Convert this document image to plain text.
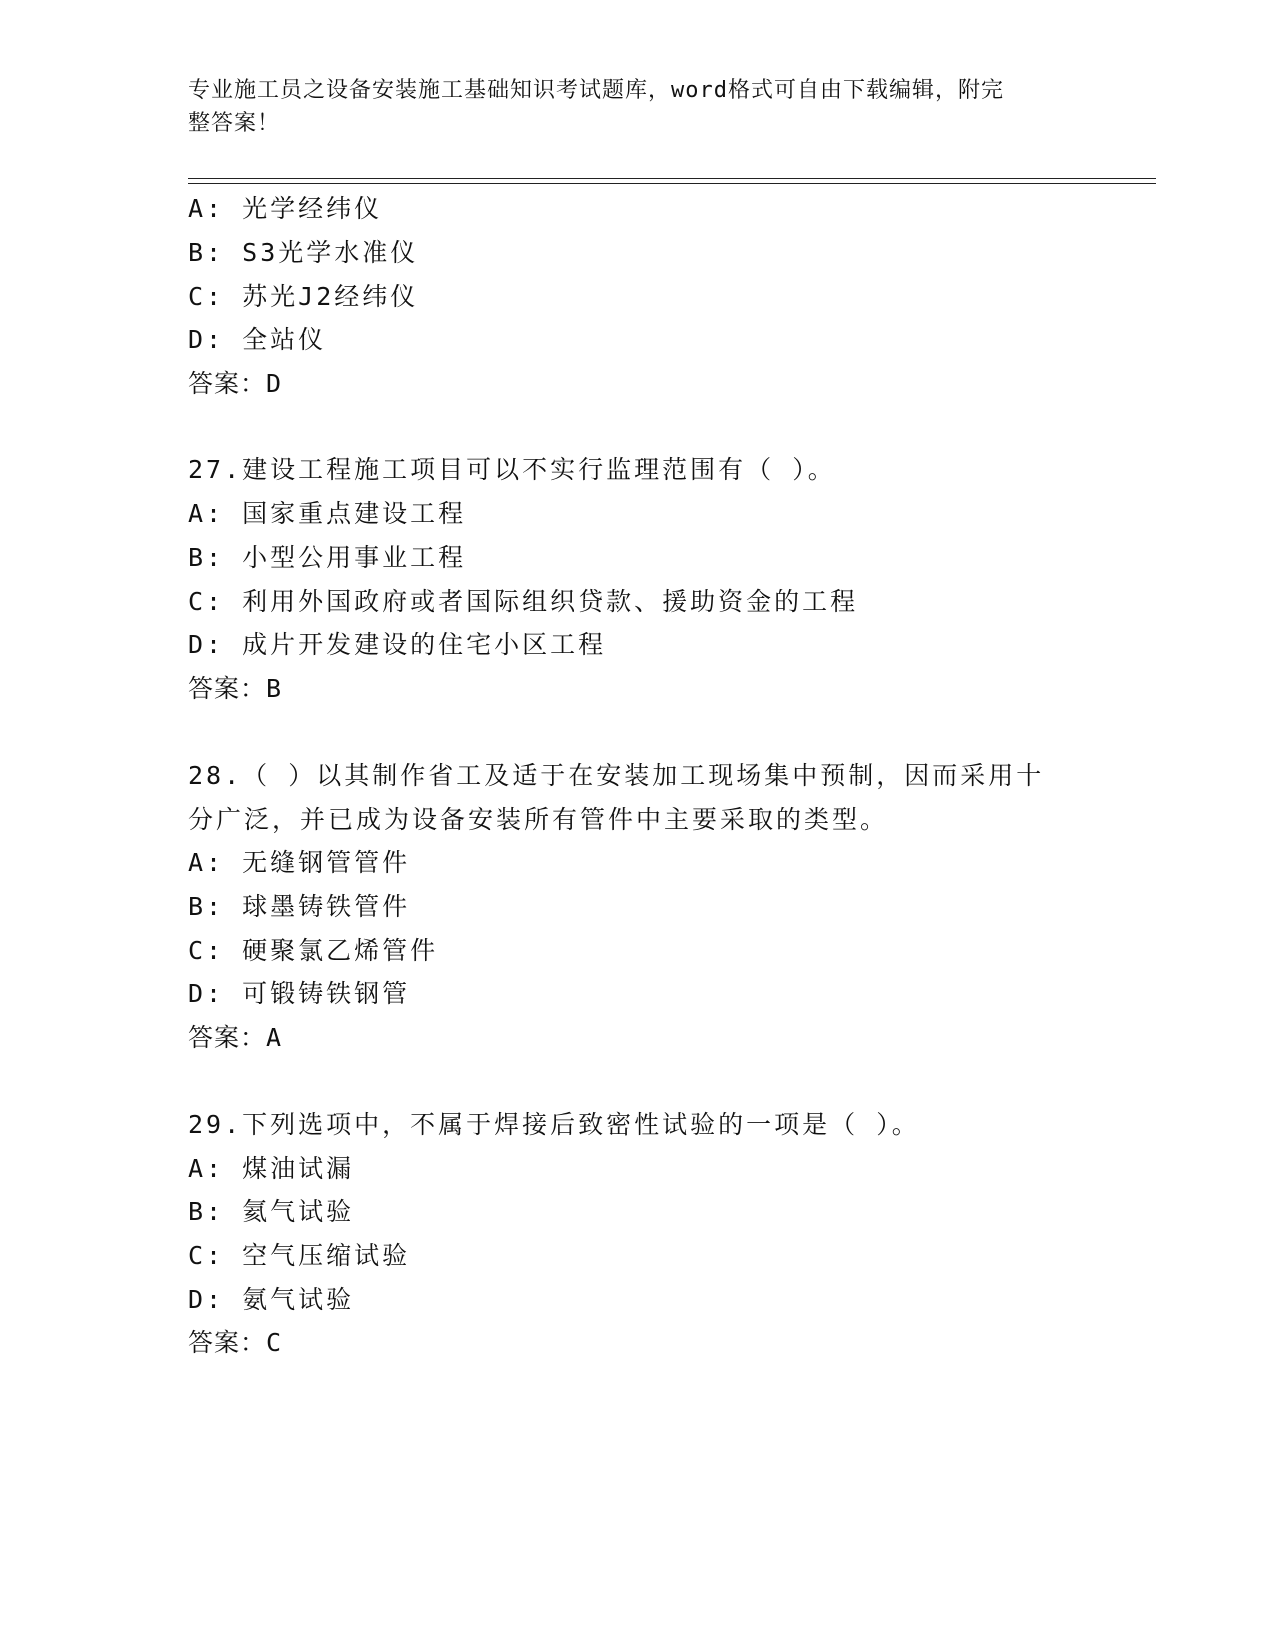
专业施工员之设备安装施工基础知识考试题库，word格式可自由下载编辑，附完
整答案！
A: 光学经纬仪
B: S3光学水准仪
C: 苏光J2经纬仪
D: 全站仪
答案：D
27.建设工程施工项目可以不实行监理范围有（ ）。
A: 国家重点建设工程
B: 小型公用事业工程
C: 利用外国政府或者国际组织贷款、援助资金的工程
D: 成片开发建设的住宅小区工程
答案：B
28.（ ）以其制作省工及适于在安装加工现场集中预制，因而采用十
分广泛，并已成为设备安装所有管件中主要采取的类型。
A: 无缝钢管管件
B: 球墨铸铁管件
C: 硬聚氯乙烯管件
D: 可锻铸铁钢管
答案：A
29.下列选项中，不属于焊接后致密性试验的一项是（ ）。
A: 煤油试漏
B: 氦气试验
C: 空气压缩试验
D: 氨气试验
答案：C
